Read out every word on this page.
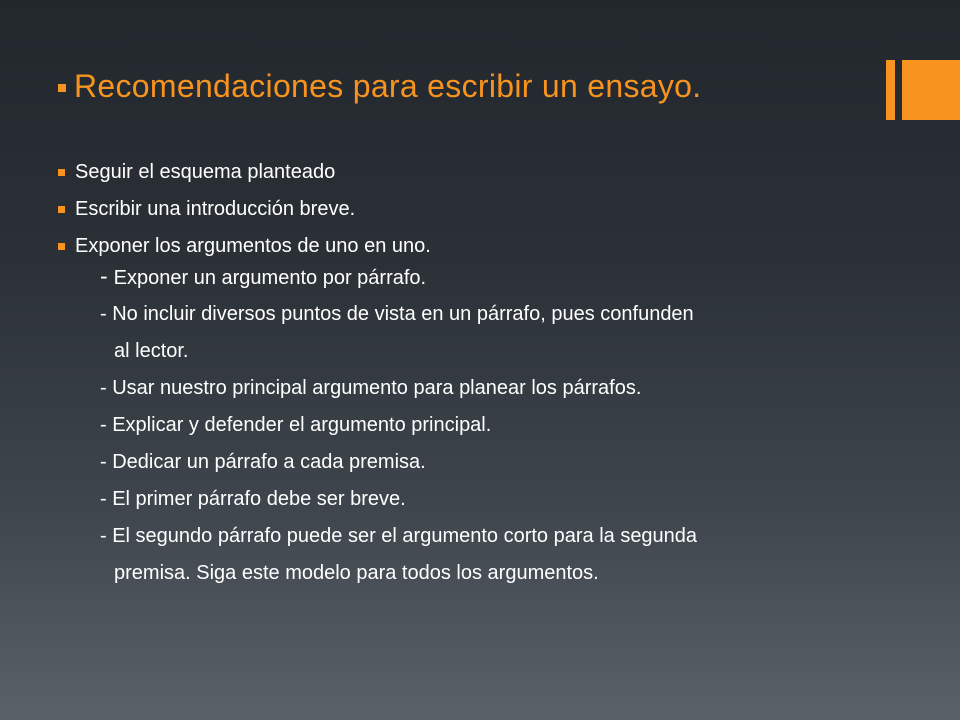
Recomendaciones para escribir un ensayo.
Seguir el esquema planteado
Escribir una introducción breve.
Exponer los argumentos de uno en uno.
- Exponer un argumento por párrafo.
- No incluir diversos puntos de vista en un párrafo, pues confunden
al lector.
- Usar nuestro principal argumento para planear los párrafos.
- Explicar y defender el argumento principal.
- Dedicar un párrafo a cada premisa.
- El primer párrafo debe ser breve.
- El segundo párrafo puede ser el argumento corto para la segunda
premisa. Siga este modelo para todos los argumentos.
